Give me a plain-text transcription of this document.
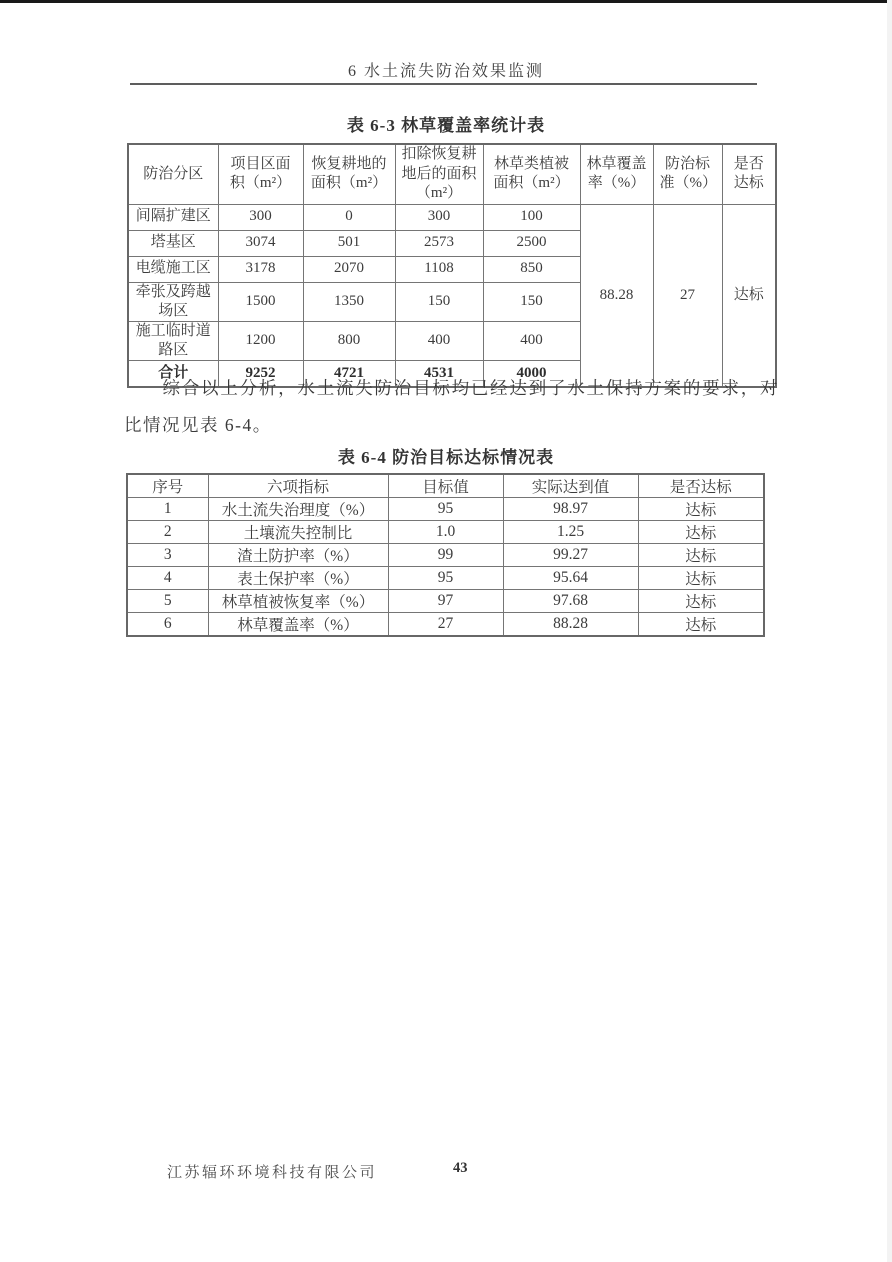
6 水土流失防治效果监测
表 6-3 林草覆盖率统计表
防治分区	项目区面积（m²）	恢复耕地的面积（m²）	扣除恢复耕地后的面积（m²）	林草类植被面积（m²）	林草覆盖率（%）	防治标准（%）	是否达标
间隔扩建区	300	0	300	100	88.28	27	达标
塔基区	3074	501	2573	2500			
电缆施工区	3178	2070	1108	850			
牵张及跨越场区	1500	1350	150	150			
施工临时道路区	1200	800	400	400			
合计	9252	4721	4531	4000			
综合以上分析，水土流失防治目标均已经达到了水土保持方案的要求，对比情况见表 6-4。
表 6-4 防治目标达标情况表
序号	六项指标	目标值	实际达到值	是否达标
1	水土流失治理度（%）	95	98.97	达标
2	土壤流失控制比	1.0	1.25	达标
3	渣土防护率（%）	99	99.27	达标
4	表土保护率（%）	95	95.64	达标
5	林草植被恢复率（%）	97	97.68	达标
6	林草覆盖率（%）	27	88.28	达标
江苏辐环环境科技有限公司	43
